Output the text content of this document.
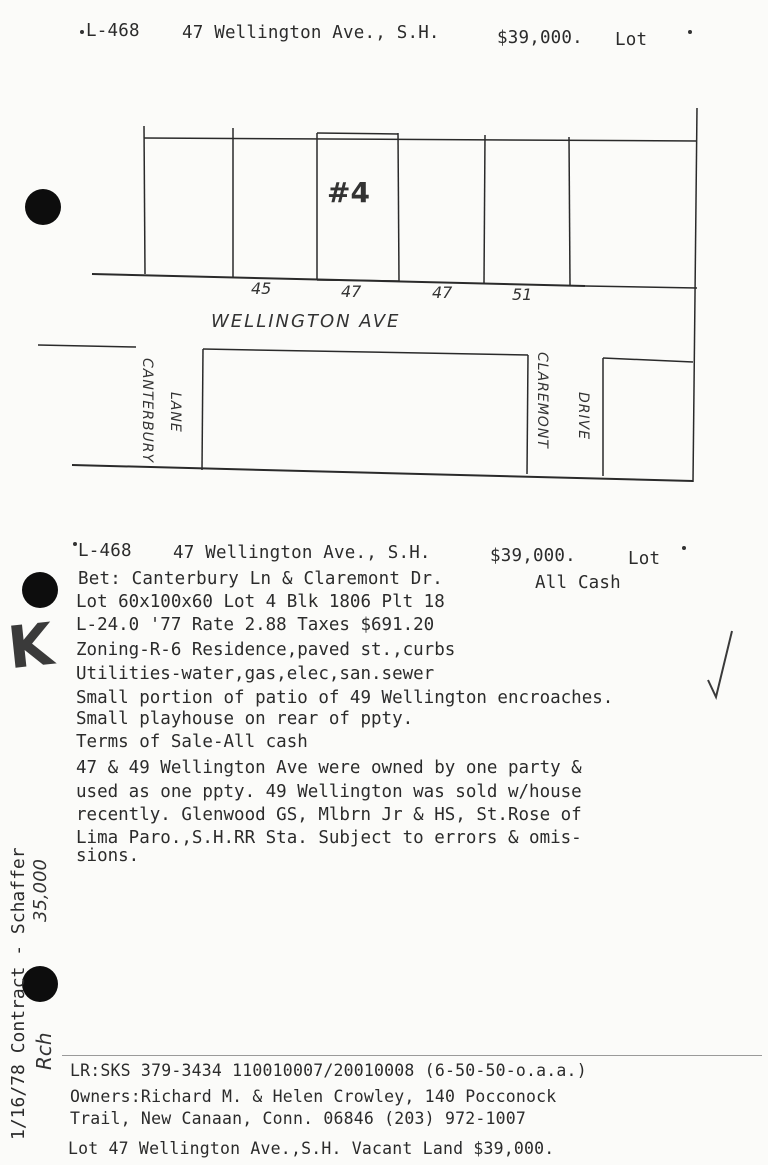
L-468 47 Wellington Ave., S.H.	$39,000. Lot
#4
45	47	47	51
WELLINGTON AVE
CANTERBURY LANE	CLAREMONT DRIVE
L-468 47 Wellington Ave., S.H.	$39,000.	Lot
Bet: Canterbury Ln & Claremont Dr.	All Cash
Lot 60x100x60 Lot 4 Blk 1806 Plt 18
L-24.0 '77 Rate 2.88 Taxes $691.20
Zoning-R-6 Residence,paved st.,curbs
Utilities-water,gas,elec,san.sewer
Small portion of patio of 49 Wellington encroaches.
Small playhouse on rear of ppty.
Terms of Sale-All cash
47 & 49 Wellington Ave were owned by one party &
used as one ppty. 49 Wellington was sold w/house
recently. Glenwood GS, Mlbrn Jr & HS, St.Rose of
Lima Paro.,S.H.RR Sta. Subject to errors & omis-
sions.
K
1/16/78 Contract - Schaffer 35,000
Rch
LR:SKS 379-3434 110010007/20010008 (6-50-50-o.a.a.)
Owners:Richard M. & Helen Crowley, 140 Pocconock
Trail, New Canaan, Conn. 06846 (203) 972-1007
Lot 47 Wellington Ave.,S.H. Vacant Land $39,000.
